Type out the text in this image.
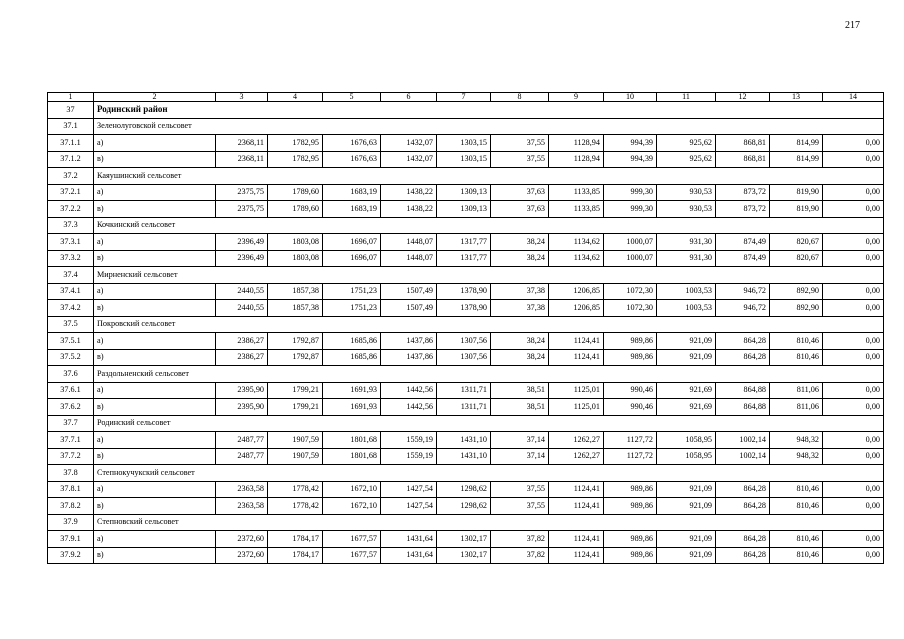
217
1	2	3	4	5	6	7	8	9	10	11	12	13	14
37	Родинский район												
37.1	Зеленолуговской сельсовет												
37.1.1	а)	2368,11	1782,95	1676,63	1432,07	1303,15	37,55	1128,94	994,39	925,62	868,81	814,99	0,00
37.1.2	в)	2368,11	1782,95	1676,63	1432,07	1303,15	37,55	1128,94	994,39	925,62	868,81	814,99	0,00
37.2	Каяушинский сельсовет												
37.2.1	а)	2375,75	1789,60	1683,19	1438,22	1309,13	37,63	1133,85	999,30	930,53	873,72	819,90	0,00
37.2.2	в)	2375,75	1789,60	1683,19	1438,22	1309,13	37,63	1133,85	999,30	930,53	873,72	819,90	0,00
37.3	Кочкинский сельсовет												
37.3.1	а)	2396,49	1803,08	1696,07	1448,07	1317,77	38,24	1134,62	1000,07	931,30	874,49	820,67	0,00
37.3.2	в)	2396,49	1803,08	1696,07	1448,07	1317,77	38,24	1134,62	1000,07	931,30	874,49	820,67	0,00
37.4	Мирненский сельсовет												
37.4.1	а)	2440,55	1857,38	1751,23	1507,49	1378,90	37,38	1206,85	1072,30	1003,53	946,72	892,90	0,00
37.4.2	в)	2440,55	1857,38	1751,23	1507,49	1378,90	37,38	1206,85	1072,30	1003,53	946,72	892,90	0,00
37.5	Покровский сельсовет												
37.5.1	а)	2386,27	1792,87	1685,86	1437,86	1307,56	38,24	1124,41	989,86	921,09	864,28	810,46	0,00
37.5.2	в)	2386,27	1792,87	1685,86	1437,86	1307,56	38,24	1124,41	989,86	921,09	864,28	810,46	0,00
37.6	Раздольненский сельсовет												
37.6.1	а)	2395,90	1799,21	1691,93	1442,56	1311,71	38,51	1125,01	990,46	921,69	864,88	811,06	0,00
37.6.2	в)	2395,90	1799,21	1691,93	1442,56	1311,71	38,51	1125,01	990,46	921,69	864,88	811,06	0,00
37.7	Родинский сельсовет												
37.7.1	а)	2487,77	1907,59	1801,68	1559,19	1431,10	37,14	1262,27	1127,72	1058,95	1002,14	948,32	0,00
37.7.2	в)	2487,77	1907,59	1801,68	1559,19	1431,10	37,14	1262,27	1127,72	1058,95	1002,14	948,32	0,00
37.8	Степнокучукский сельсовет												
37.8.1	а)	2363,58	1778,42	1672,10	1427,54	1298,62	37,55	1124,41	989,86	921,09	864,28	810,46	0,00
37.8.2	в)	2363,58	1778,42	1672,10	1427,54	1298,62	37,55	1124,41	989,86	921,09	864,28	810,46	0,00
37.9	Степновский сельсовет												
37.9.1	а)	2372,60	1784,17	1677,57	1431,64	1302,17	37,82	1124,41	989,86	921,09	864,28	810,46	0,00
37.9.2	в)	2372,60	1784,17	1677,57	1431,64	1302,17	37,82	1124,41	989,86	921,09	864,28	810,46	0,00
